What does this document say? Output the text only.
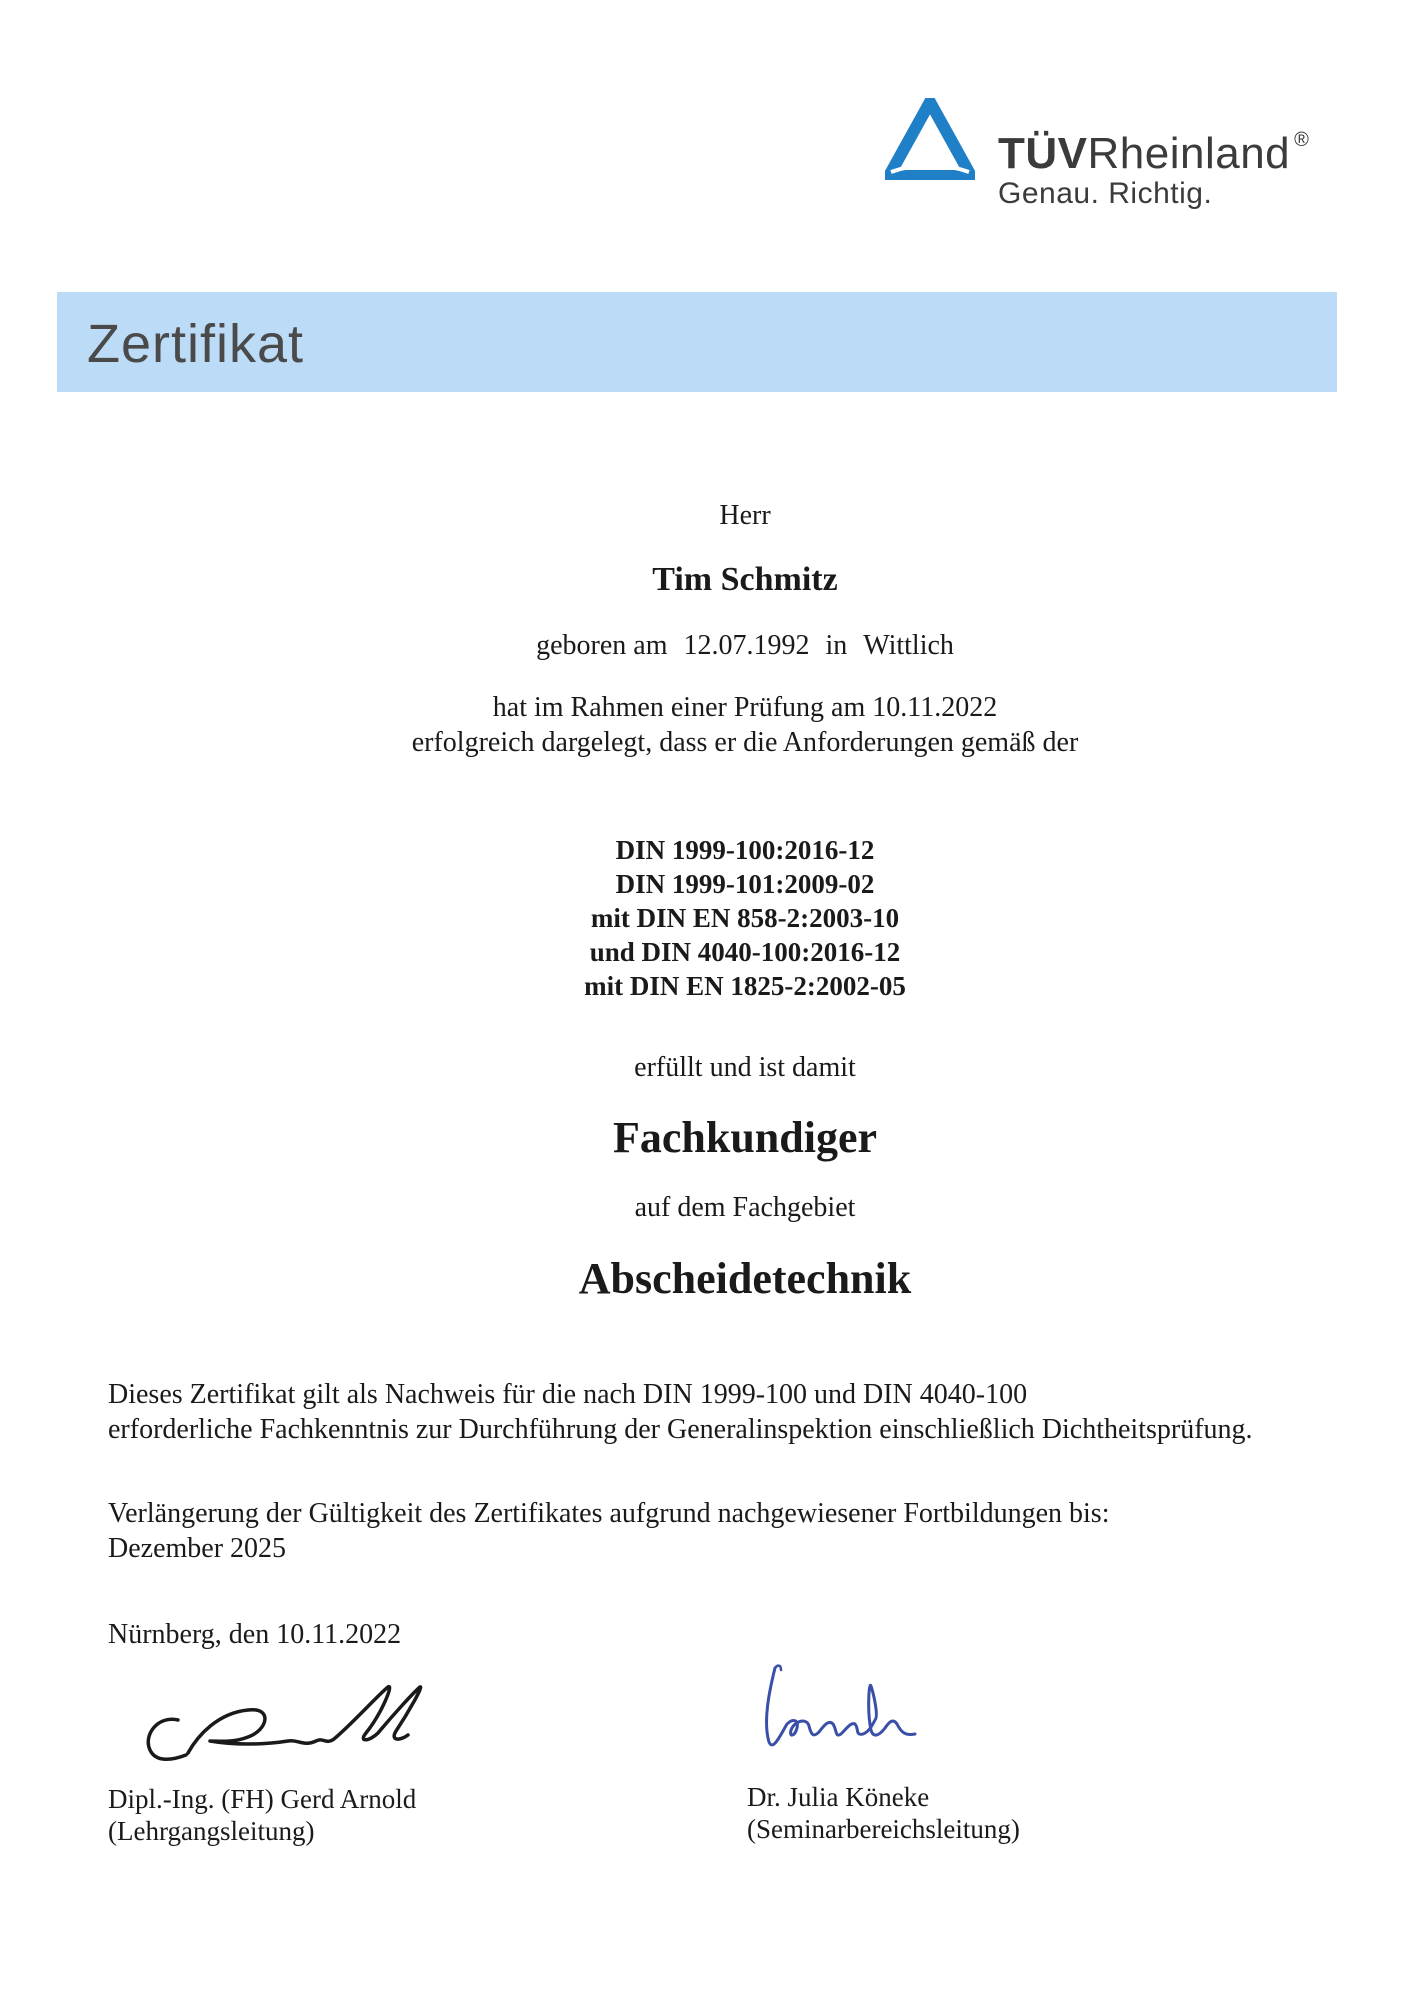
TÜVRheinland ®
Genau. Richtig.
Zertifikat
Herr
Tim Schmitz
geboren am 12.07.1992 in Wittlich
hat im Rahmen einer Prüfung am 10.11.2022
erfolgreich dargelegt, dass er die Anforderungen gemäß der
DIN 1999-100:2016-12
DIN 1999-101:2009-02
mit DIN EN 858-2:2003-10
und DIN 4040-100:2016-12
mit DIN EN 1825-2:2002-05
erfüllt und ist damit
Fachkundiger
auf dem Fachgebiet
Abscheidetechnik
Dieses Zertifikat gilt als Nachweis für die nach DIN 1999-100 und DIN 4040-100
erforderliche Fachkenntnis zur Durchführung der Generalinspektion einschließlich Dichtheitsprüfung.
Verlängerung der Gültigkeit des Zertifikates aufgrund nachgewiesener Fortbildungen bis:
Dezember 2025
Nürnberg, den 10.11.2022
Dipl.-Ing. (FH) Gerd Arnold
(Lehrgangsleitung)
Dr. Julia Köneke
(Seminarbereichsleitung)
